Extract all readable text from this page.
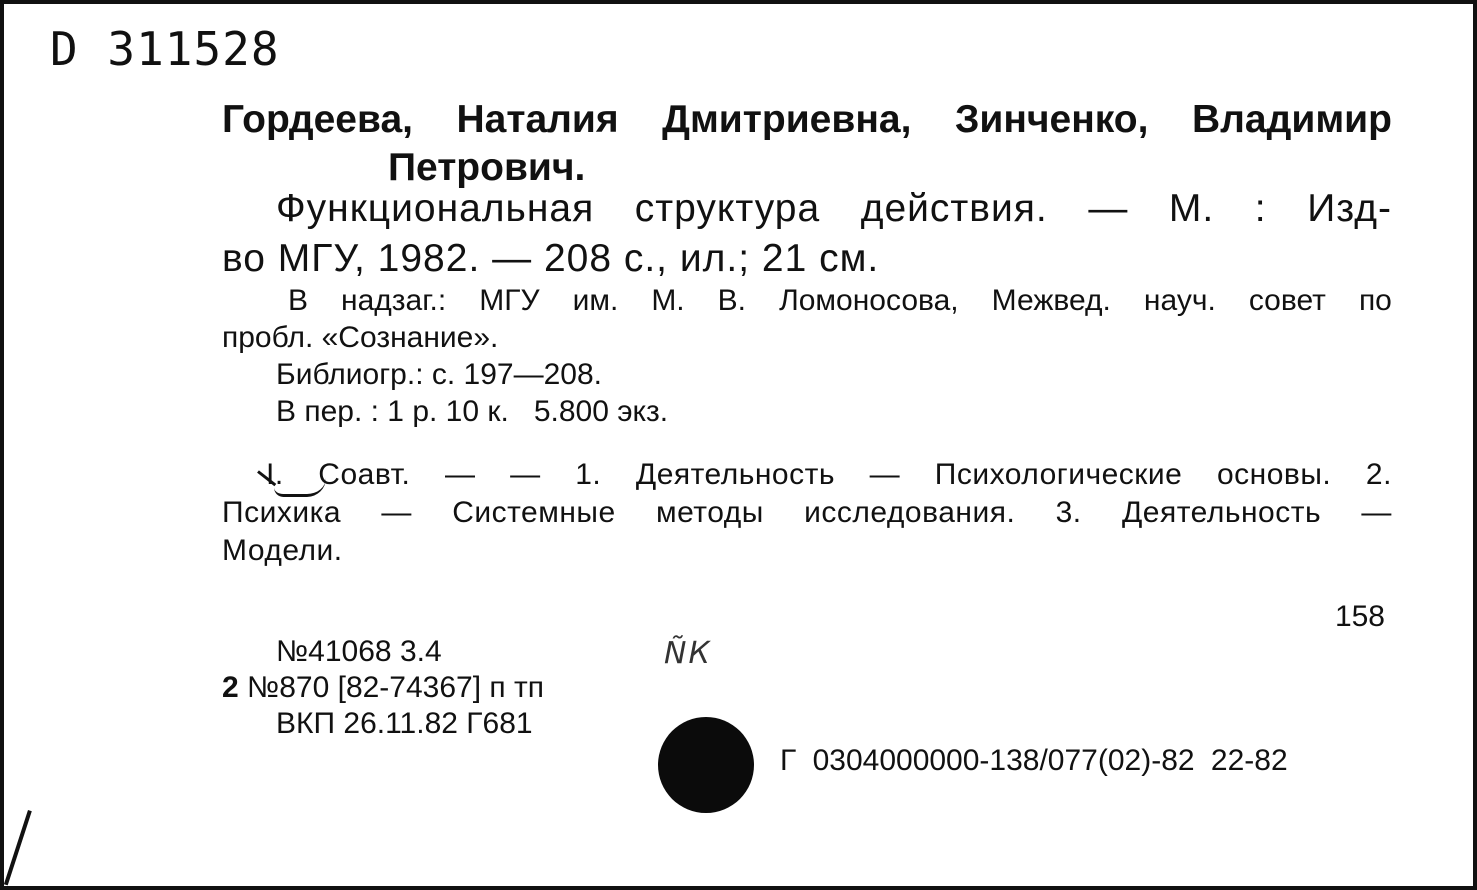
D 311528
Гордеева, Наталия Дмитриевна, Зинченко, Владимир
Петрович.
Функциональная структура действия. — М. : Изд-
во МГУ, 1982. — 208 с., ил.; 21 см.
В надзаг.: МГУ им. М. В. Ломоносова, Межвед. науч. совет по
пробл. «Сознание».
Библиогр.: с. 197—208.
В пер. : 1 р. 10 к.   5.800 экз.
I. Соавт. — — 1. Деятельность — Психологические основы. 2.
Психика — Системные методы исследования. 3. Деятельность —
Модели.
158
№41068 3.4
2 №870 [82-74367] п тп
ВКП 26.11.82 Г681
ÑК
Г 0304000000-138/077(02)-82 22-82
